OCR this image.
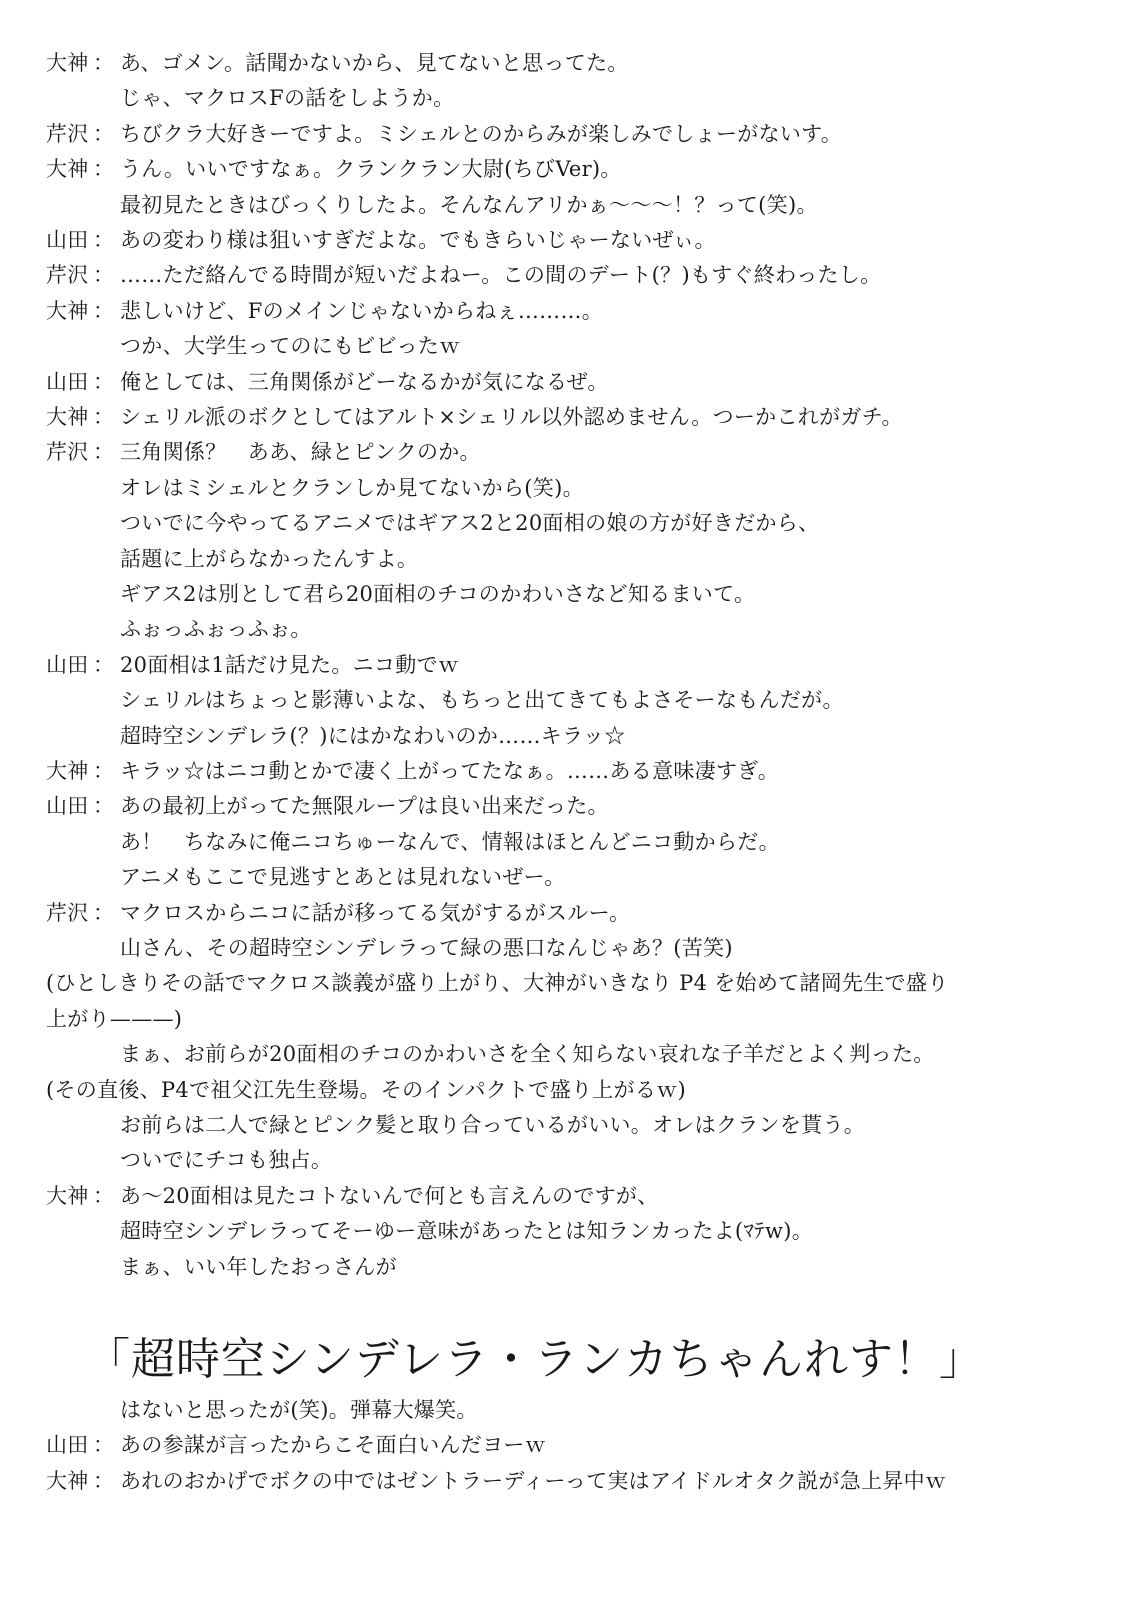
大神 ： あ、ゴメン。話聞かないから、見てないと思ってた。
じゃ、マクロスFの話をしようか。
芹沢 ： ちびクラ大好きーですよ。ミシェルとのからみが楽しみでしょーがないす。
大神 ： うん。いいですなぁ。クランクラン大尉(ちびVer)。
最初見たときはびっくりしたよ。そんなんアリかぁ〜〜〜！？って(笑)。
山田 ： あの変わり様は狙いすぎだよな。でもきらいじゃーないぜぃ。
芹沢 ： ……ただ絡んでる時間が短いだよねー。この間のデート(？)もすぐ終わったし。
大神 ： 悲しいけど、Fのメインじゃないからねぇ………。
つか、大学生ってのにもビビったｗ
山田 ： 俺としては、三角関係がどーなるかが気になるぜ。
大神 ： シェリル派のボクとしてはアルト×シェリル以外認めません。つーかこれがガチ。
芹沢 ： 三角関係？　ああ、緑とピンクのか。
オレはミシェルとクランしか見てないから(笑)。
ついでに今やってるアニメではギアス2と20面相の娘の方が好きだから、
話題に上がらなかったんすよ。
ギアス2は別として君ら20面相のチコのかわいさなど知るまいて。
ふぉっふぉっふぉ。
山田 ： 20面相は1話だけ見た。ニコ動でｗ
シェリルはちょっと影薄いよな、もちっと出てきてもよさそーなもんだが。
超時空シンデレラ(？)にはかなわいのか……キラッ☆
大神 ： キラッ☆はニコ動とかで凄く上がってたなぁ。……ある意味凄すぎ。
山田 ： あの最初上がってた無限ループは良い出来だった。
あ！　ちなみに俺ニコちゅーなんで、情報はほとんどニコ動からだ。
アニメもここで見逃すとあとは見れないぜー。
芹沢 ： マクロスからニコに話が移ってる気がするがスルー。
山さん、その超時空シンデレラって緑の悪口なんじゃあ？(苦笑)
(ひとしきりその話でマクロス談義が盛り上がり、大神がいきなり P4 を始めて諸岡先生で盛り
上がり———)
まぁ、お前らが20面相のチコのかわいさを全く知らない哀れな子羊だとよく判った。
(その直後、P4で祖父江先生登場。そのインパクトで盛り上がるｗ)
お前らは二人で緑とピンク髪と取り合っているがいい。オレはクランを貰う。
ついでにチコも独占。
大神 ： あ〜20面相は見たコトないんで何とも言えんのですが、
超時空シンデレラってそーゆー意味があったとは知ランカったよ(ﾏﾃw)。
まぁ、いい年したおっさんが
「超時空シンデレラ・ランカちゃんれす！」
はないと思ったが(笑)。弾幕大爆笑。
山田 ： あの参謀が言ったからこそ面白いんだヨーｗ
大神 ： あれのおかげでボクの中ではゼントラーディーって実はアイドルオタク説が急上昇中ｗ
